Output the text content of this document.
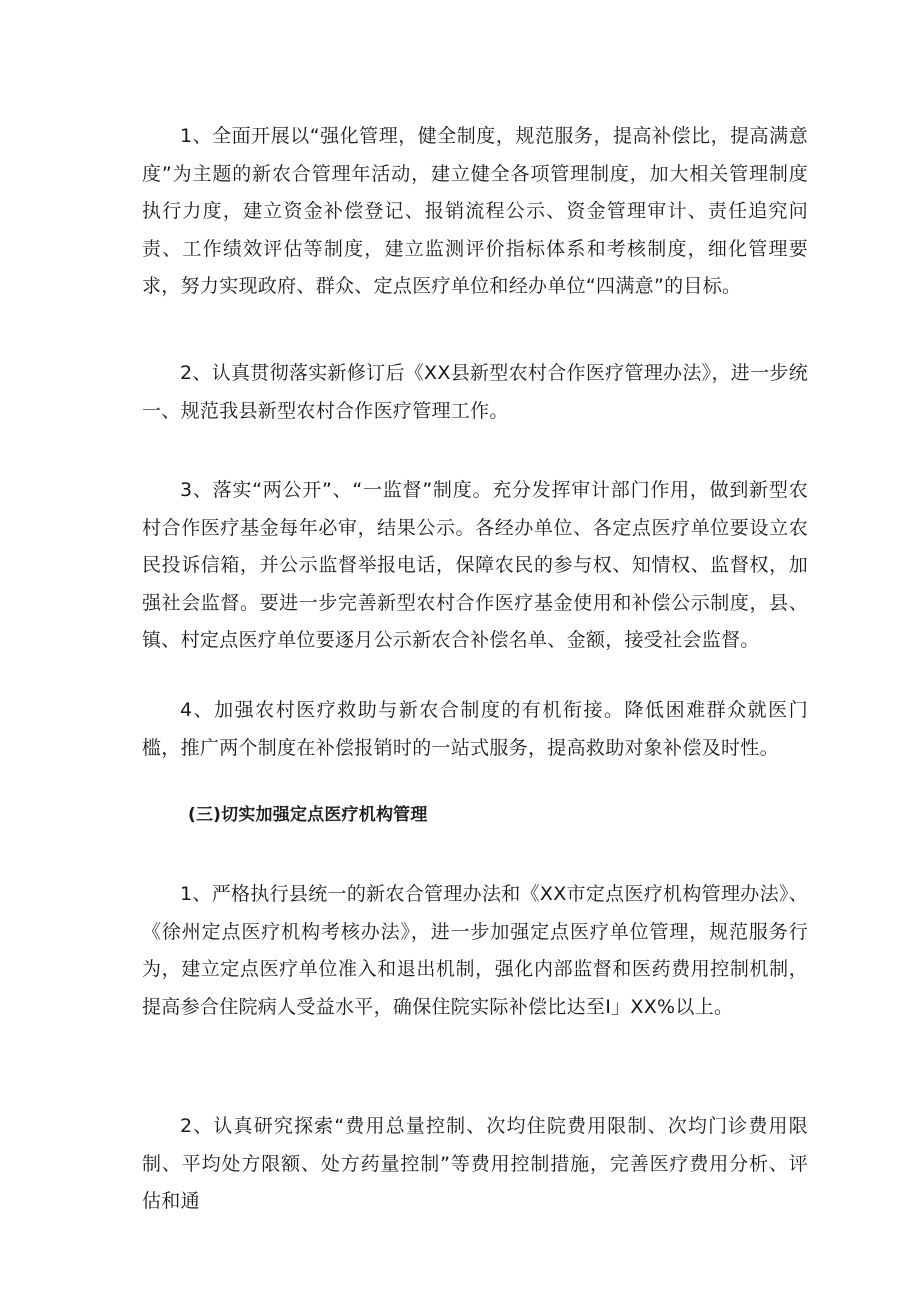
1、全面开展以“强化管理，健全制度，规范服务，提高补偿比，提高满意度”为主题的新农合管理年活动，建立健全各项管理制度，加大相关管理制度执行力度，建立资金补偿登记、报销流程公示、资金管理审计、责任追究问责、工作绩效评估等制度，建立监测评价指标体系和考核制度，细化管理要求，努力实现政府、群众、定点医疗单位和经办单位“四满意”的目标。

2、认真贯彻落实新修订后《XX县新型农村合作医疗管理办法》，进一步统一、规范我县新型农村合作医疗管理工作。

3、落实“两公开”、“一监督”制度。充分发挥审计部门作用，做到新型农村合作医疗基金每年必审，结果公示。各经办单位、各定点医疗单位要设立农民投诉信箱，并公示监督举报电话，保障农民的参与权、知情权、监督权，加强社会监督。要进一步完善新型农村合作医疗基金使用和补偿公示制度，县、镇、村定点医疗单位要逐月公示新农合补偿名单、金额，接受社会监督。

4、加强农村医疗救助与新农合制度的有机衔接。降低困难群众就医门槛，推广两个制度在补偿报销时的一站式服务，提高救助对象补偿及时性。

(三)切实加强定点医疗机构管理

1、严格执行县统一的新农合管理办法和《XX市定点医疗机构管理办法》、《徐州定点医疗机构考核办法》，进一步加强定点医疗单位管理，规范服务行为，建立定点医疗单位准入和退出机制，强化内部监督和医药费用控制机制，提高参合住院病人受益水平，确保住院实际补偿比达至I」XX%以上。

2、认真研究探索“费用总量控制、次均住院费用限制、次均门诊费用限制、平均处方限额、处方药量控制”等费用控制措施，完善医疗费用分析、评估和通
